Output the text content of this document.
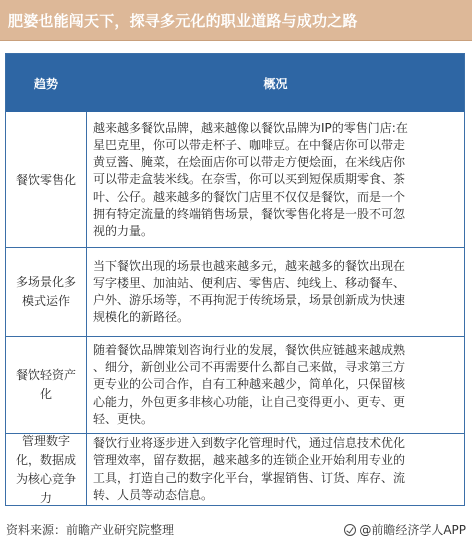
肥婆也能闯天下，探寻多元化的职业道路与成功之路
趋势	概况
餐饮零售化
越来越多餐饮品牌，越来越像以餐饮品牌为IP的零售门店:在
星巴克里，你可以带走杯子、咖啡豆。在中餐店你可以带走
黄豆酱、腌菜，在烩面店你可以带走方便烩面，在米线店你
可以带走盒装米线。在奈雪，你可以买到短保质期零食、茶
叶、公仔。越来越多的餐饮门店里不仅仅是餐饮，而是一个
拥有特定流量的终端销售场景，餐饮零售化将是一股不可忽
视的力量。
多场景化多模式运作
当下餐饮出现的场景也越来越多元，越来越多的餐饮出现在
写字楼里、加油站、便利店、零售店、纯线上、移动餐车、
户外、游乐场等，不再拘泥于传统场景，场景创新成为快速
规模化的新路径。
餐饮轻资产化
随着餐饮品牌策划咨询行业的发展，餐饮供应链越来越成熟
、细分，新创业公司不再需要什么都自己来做，寻求第三方
更专业的公司合作，自有工种越来越少，简单化，只保留核
心能力，外包更多非核心功能，让自己变得更小、更专、更
轻、更快。
管理数字化，数据成为核心竞争力
餐饮行业将逐步进入到数字化管理时代，通过信息技术优化
管理效率，留存数据，越来越多的连锁企业开始利用专业的
工具，打造自己的数字化平台，掌握销售、订货、库存、流
转、人员等动态信息。
资料来源：前瞻产业研究院整理	@前瞻经济学人APP
